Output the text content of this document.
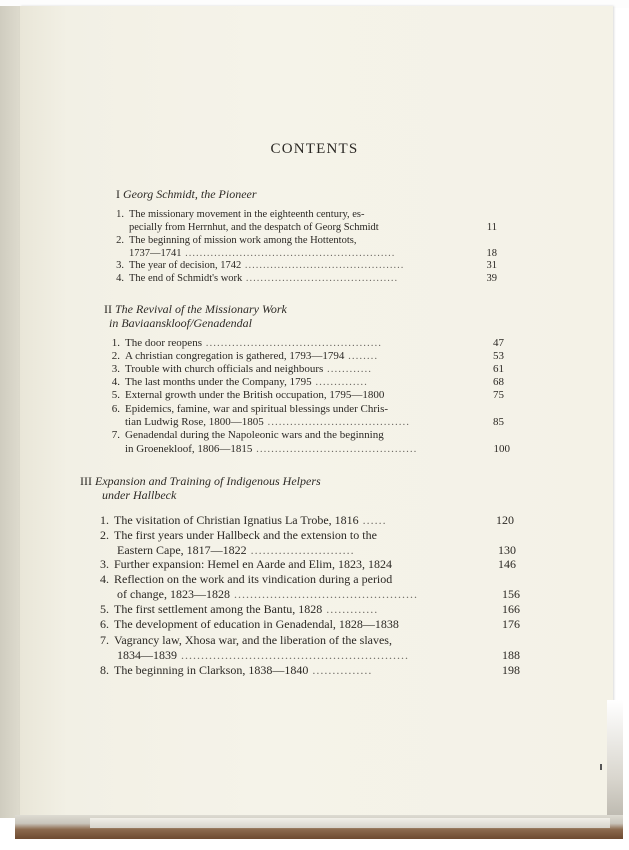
CONTENTS
I Georg Schmidt, the Pioneer
1. The missionary movement in the eighteenth century, es-
pecially from Herrnhut, and the despatch of Georg Schmidt	11
2. The beginning of mission work among the Hottentots,
1737—1741 ..........................................................	18
3. The year of decision, 1742 ............................................	31
4. The end of Schmidt's work ..........................................	39
II The Revival of the Missionary Work
in Baviaanskloof/Genadendal
1. The door reopens ...............................................	47
2. A christian congregation is gathered, 1793—1794 ........	53
3. Trouble with church officials and neighbours ............	61
4. The last months under the Company, 1795 ..............	68
5. External growth under the British occupation, 1795—1800	75
6. Epidemics, famine, war and spiritual blessings under Chris-
tian Ludwig Rose, 1800—1805 ......................................	85
7. Genadendal during the Napoleonic wars and the beginning
in Groenekloof, 1806—1815 ...........................................	100
III Expansion and Training of Indigenous Helpers
under Hallbeck
1. The visitation of Christian Ignatius La Trobe, 1816 ......	120
2. The first years under Hallbeck and the extension to the
Eastern Cape, 1817—1822 ..........................	130
3. Further expansion: Hemel en Aarde and Elim, 1823, 1824	146
4. Reflection on the work and its vindication during a period
of change, 1823—1828 ..............................................	156
5. The first settlement among the Bantu, 1828 .............	166
6. The development of education in Genadendal, 1828—1838	176
7. Vagrancy law, Xhosa war, and the liberation of the slaves,
1834—1839 .........................................................	188
8. The beginning in Clarkson, 1838—1840 ...............	198
